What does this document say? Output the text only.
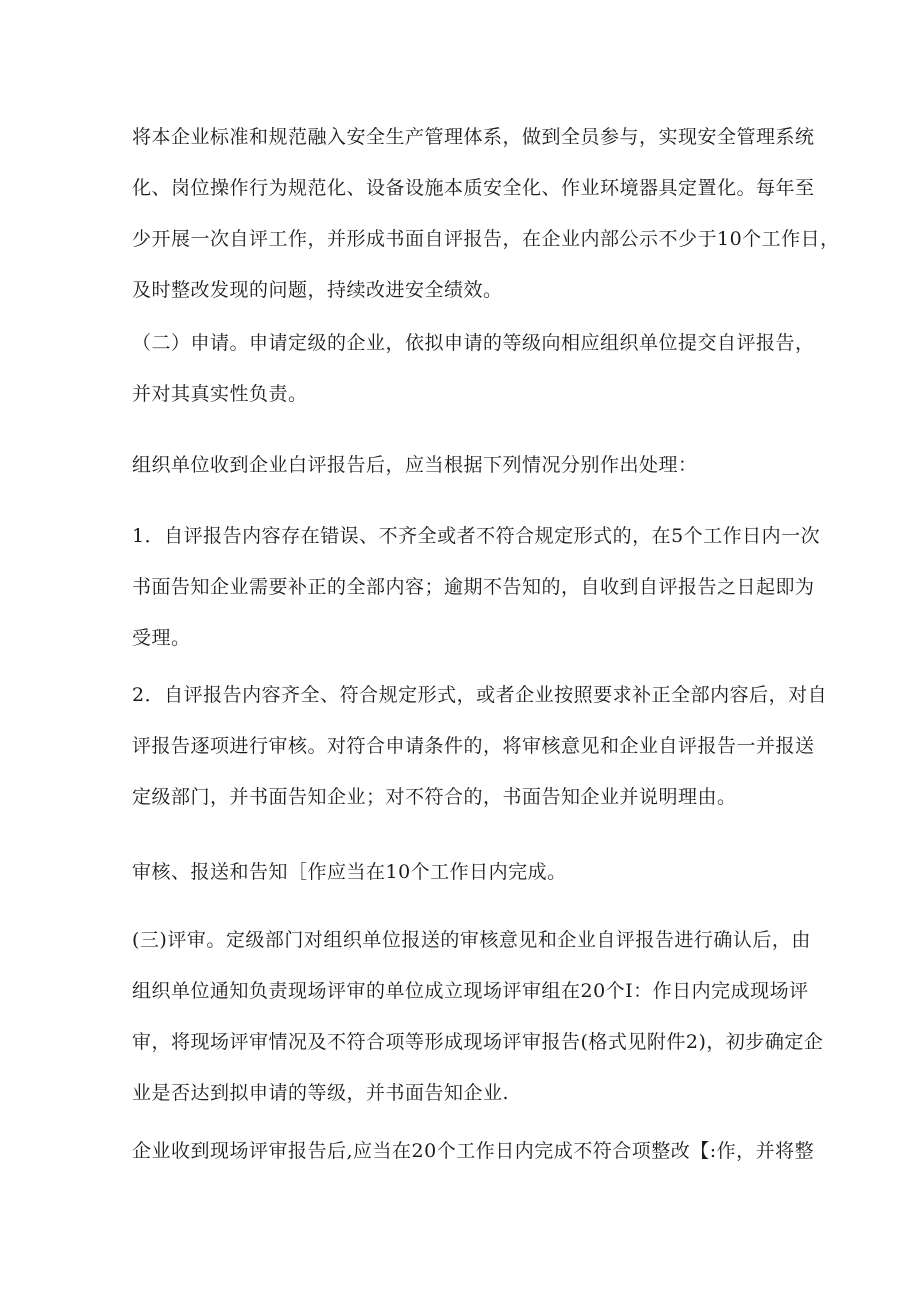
将本企业标准和规范融入安全生产管理体系，做到全员参与，实现安全管理系统
化、岗位操作行为规范化、设备设施本质安全化、作业环境器具定置化。每年至
少开展一次自评工作，并形成书面自评报告，在企业内部公示不少于10个工作日，
及时整改发现的问题，持续改进安全绩效。

（二）申请。申请定级的企业，依拟申请的等级向相应组织单位提交自评报告，
并对其真实性负责。

组织单位收到企业白评报告后，应当根据下列情况分别作出处理：

1．自评报告内容存在错误、不齐全或者不符合规定形式的，在5个工作日内一次
书面告知企业需要补正的全部内容；逾期不告知的，自收到自评报告之日起即为
受理。

2．自评报告内容齐全、符合规定形式，或者企业按照要求补正全部内容后，对自
评报告逐项进行审核。对符合申请条件的，将审核意见和企业自评报告一并报送
定级部门，并书面告知企业；对不符合的，书面告知企业并说明理由。

审核、报送和告知［作应当在10个工作日内完成。

(三)评审。定级部门对组织单位报送的审核意见和企业自评报告进行确认后，由
组织单位通知负责现场评审的单位成立现场评审组在20个I：作日内完成现场评
审，将现场评审情况及不符合项等形成现场评审报告(格式见附件2)，初步确定企
业是否达到拟申请的等级，并书面告知企业.

企业收到现场评审报告后,应当在20个工作日内完成不符合项整改【:作，并将整
